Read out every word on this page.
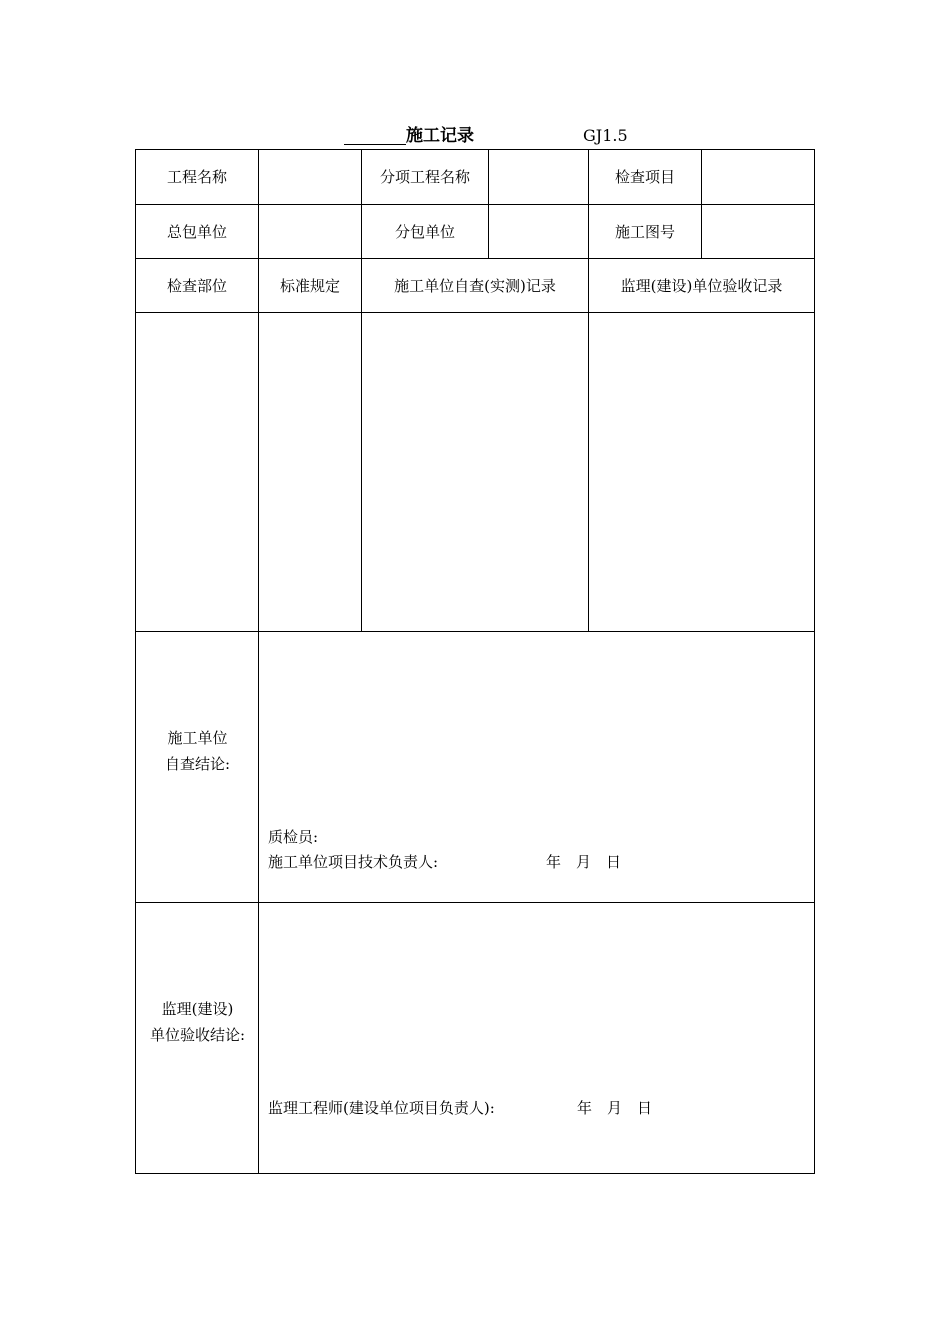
施工记录	GJ1.5
工程名称	分项工程名称	检查项目
总包单位	分包单位	施工图号
检查部位	标准规定	施工单位自查(实测)记录	监理(建设)单位验收记录
施工单位
自查结论:
质检员:
施工单位项目技术负责人:	年　月　日
监理(建设)
单位验收结论:
监理工程师(建设单位项目负责人):	年　月　日
